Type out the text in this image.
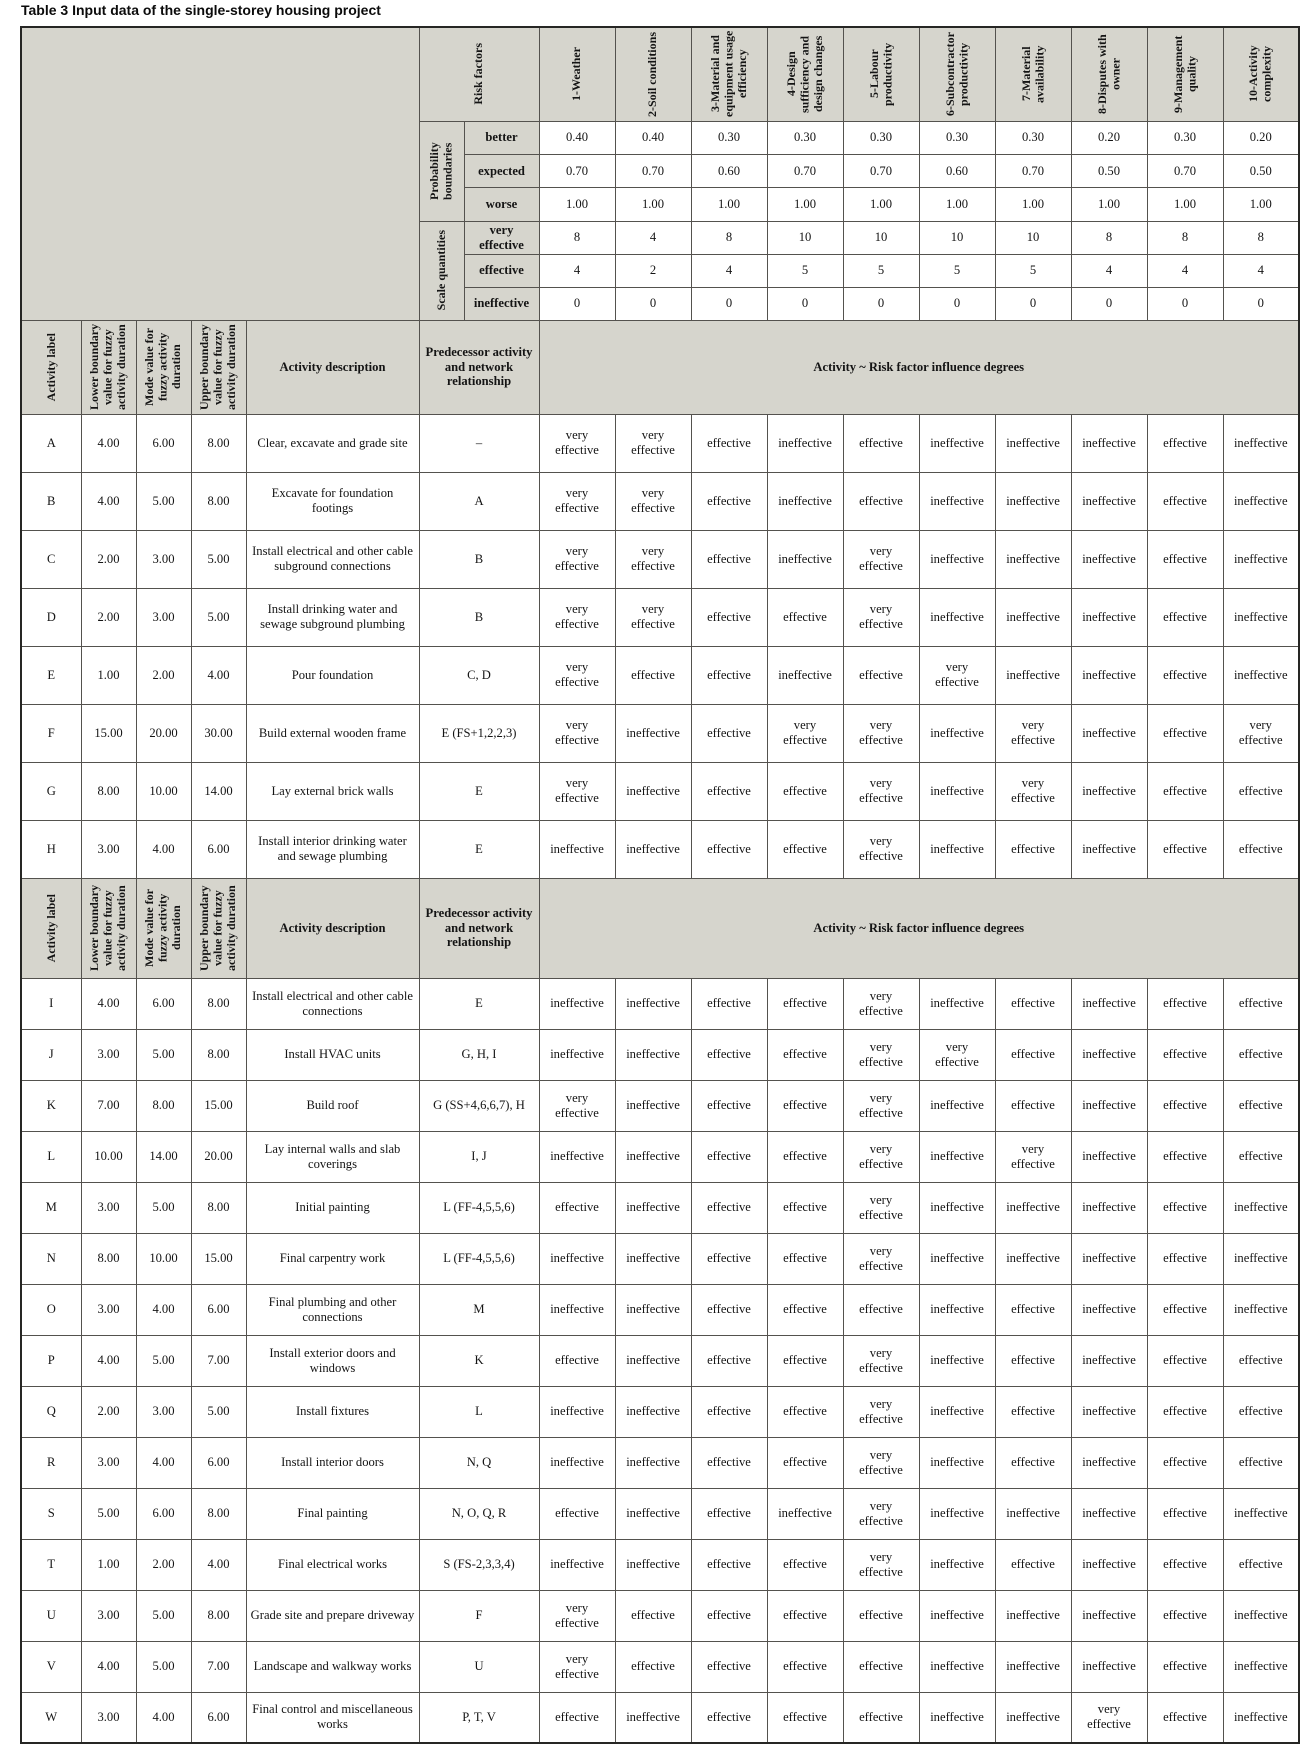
Table 3 Input data of the single-storey housing project

					Risk factors		1-Weather	2-Soil conditions	3-Material and equipment usage efficiency	4-Design sufficiency and design changes	5-Labour productivity	6-Subcontractor productivity	7-Material availability	8-Disputes with owner	9-Management quality	10-Activity complexity

					Probability boundaries	better	0.40	0.40	0.30	0.30	0.30	0.30	0.30	0.20	0.30	0.20

						expected	0.70	0.70	0.60	0.70	0.70	0.60	0.70	0.50	0.70	0.50

						worse	1.00	1.00	1.00	1.00	1.00	1.00	1.00	1.00	1.00	1.00

					Scale quantities	very effective	8	4	8	10	10	10	10	8	8	8

						effective	4	2	4	5	5	5	5	4	4	4

						ineffective	0	0	0	0	0	0	0	0	0	0

Activity label	Lower boundary value for fuzzy activity duration	Mode value for fuzzy activity duration	Upper boundary value for fuzzy activity duration	Activity description	Predecessor activity and network relationship		Activity ~ Risk factor influence degrees									

A	4.00	6.00	8.00	Clear, excavate and grade site	–		very effective	very effective	effective	ineffective	effective	ineffective	ineffective	ineffective	effective	ineffective

B	4.00	5.00	8.00	Excavate for foundation footings	A		very effective	very effective	effective	ineffective	effective	ineffective	ineffective	ineffective	effective	ineffective

C	2.00	3.00	5.00	Install electrical and other cable subground connections	B		very effective	very effective	effective	ineffective	very effective	ineffective	ineffective	ineffective	effective	ineffective

D	2.00	3.00	5.00	Install drinking water and sewage subground plumbing	B		very effective	very effective	effective	effective	very effective	ineffective	ineffective	ineffective	effective	ineffective

E	1.00	2.00	4.00	Pour foundation	C, D		very effective	effective	effective	ineffective	effective	very effective	ineffective	ineffective	effective	ineffective

F	15.00	20.00	30.00	Build external wooden frame	E (FS+1,2,2,3)		very effective	ineffective	effective	very effective	very effective	ineffective	very effective	ineffective	effective	very effective

G	8.00	10.00	14.00	Lay external brick walls	E		very effective	ineffective	effective	effective	very effective	ineffective	very effective	ineffective	effective	effective

H	3.00	4.00	6.00	Install interior drinking water and sewage plumbing	E		ineffective	ineffective	effective	effective	very effective	ineffective	effective	ineffective	effective	effective

Activity label	Lower boundary value for fuzzy activity duration	Mode value for fuzzy activity duration	Upper boundary value for fuzzy activity duration	Activity description	Predecessor activity and network relationship		Activity ~ Risk factor influence degrees									

I	4.00	6.00	8.00	Install electrical and other cable connections	E		ineffective	ineffective	effective	effective	very effective	ineffective	effective	ineffective	effective	effective

J	3.00	5.00	8.00	Install HVAC units	G, H, I		ineffective	ineffective	effective	effective	very effective	very effective	effective	ineffective	effective	effective

K	7.00	8.00	15.00	Build roof	G (SS+4,6,6,7), H		very effective	ineffective	effective	effective	very effective	ineffective	effective	ineffective	effective	effective

L	10.00	14.00	20.00	Lay internal walls and slab coverings	I, J		ineffective	ineffective	effective	effective	very effective	ineffective	very effective	ineffective	effective	effective

M	3.00	5.00	8.00	Initial painting	L (FF-4,5,5,6)		effective	ineffective	effective	effective	very effective	ineffective	ineffective	ineffective	effective	ineffective

N	8.00	10.00	15.00	Final carpentry work	L (FF-4,5,5,6)		ineffective	ineffective	effective	effective	very effective	ineffective	ineffective	ineffective	effective	ineffective

O	3.00	4.00	6.00	Final plumbing and other connections	M		ineffective	ineffective	effective	effective	effective	ineffective	effective	ineffective	effective	ineffective

P	4.00	5.00	7.00	Install exterior doors and windows	K		effective	ineffective	effective	effective	very effective	ineffective	effective	ineffective	effective	effective

Q	2.00	3.00	5.00	Install fixtures	L		ineffective	ineffective	effective	effective	very effective	ineffective	effective	ineffective	effective	effective

R	3.00	4.00	6.00	Install interior doors	N, Q		ineffective	ineffective	effective	effective	very effective	ineffective	effective	ineffective	effective	effective

S	5.00	6.00	8.00	Final painting	N, O, Q, R		effective	ineffective	effective	ineffective	very effective	ineffective	ineffective	ineffective	effective	ineffective

T	1.00	2.00	4.00	Final electrical works	S (FS-2,3,3,4)		ineffective	ineffective	effective	effective	very effective	ineffective	effective	ineffective	effective	effective

U	3.00	5.00	8.00	Grade site and prepare driveway	F		very effective	effective	effective	effective	effective	ineffective	ineffective	ineffective	effective	ineffective

V	4.00	5.00	7.00	Landscape and walkway works	U		very effective	effective	effective	effective	effective	ineffective	ineffective	ineffective	effective	ineffective

W	3.00	4.00	6.00	Final control and miscellaneous works	P, T, V		effective	ineffective	effective	effective	effective	ineffective	ineffective	very effective	effective	ineffective
